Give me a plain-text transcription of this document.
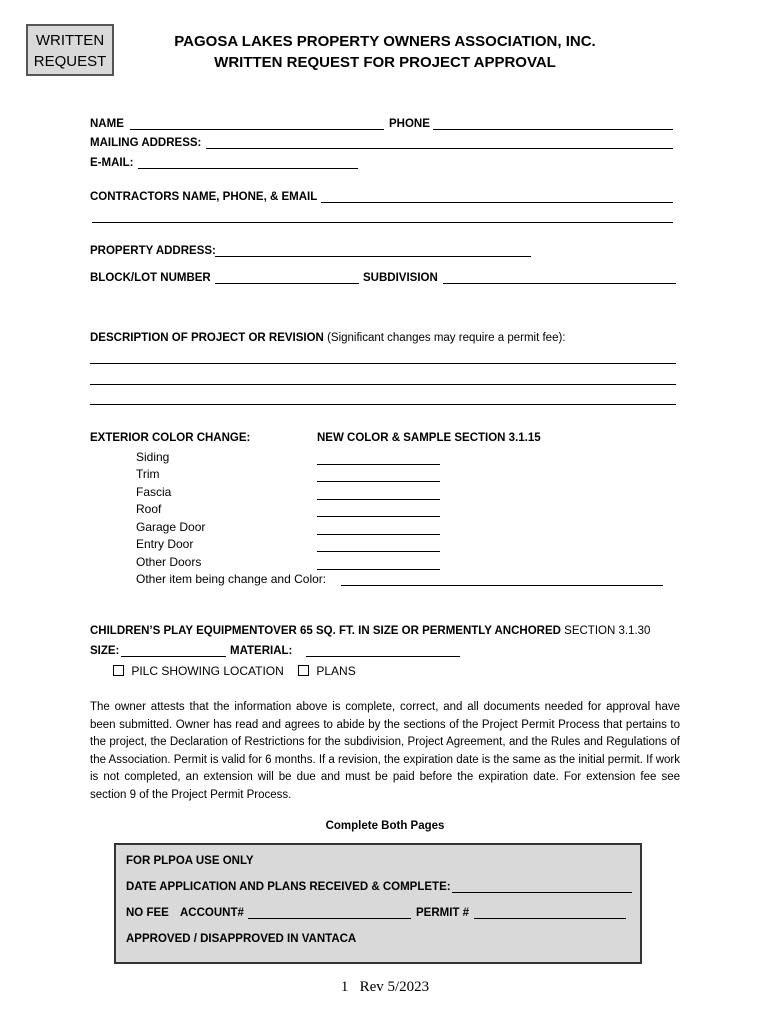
WRITTEN
REQUEST
PAGOSA LAKES PROPERTY OWNERS ASSOCIATION, INC.
WRITTEN REQUEST FOR PROJECT APPROVAL
NAME	PHONE
MAILING ADDRESS:
E-MAIL:
CONTRACTORS NAME, PHONE, & EMAIL
PROPERTY ADDRESS:
BLOCK/LOT NUMBER	SUBDIVISION
DESCRIPTION OF PROJECT OR REVISION (Significant changes may require a permit fee):
EXTERIOR COLOR CHANGE:	NEW COLOR & SAMPLE SECTION 3.1.15
Siding
Trim
Fascia
Roof
Garage Door
Entry Door
Other Doors
Other item being change and Color:
CHILDREN’S PLAY EQUIPMENTOVER 65 SQ. FT. IN SIZE OR PERMENTLY ANCHORED SECTION 3.1.30
SIZE:	MATERIAL:
PILC SHOWING LOCATION	PLANS

The owner attests that the information above is complete, correct, and all documents needed for approval have been submitted. Owner has read and agrees to abide by the sections of the Project Permit Process that pertains to the project, the Declaration of Restrictions for the subdivision, Project Agreement, and the Rules and Regulations of the Association. Permit is valid for 6 months. If a revision, the expiration date is the same as the initial permit. If work is not completed, an extension will be due and must be paid before the expiration date. For extension fee see section 9 of the Project Permit Process.

Complete Both Pages
FOR PLPOA USE ONLY
DATE APPLICATION AND PLANS RECEIVED & COMPLETE:
NO FEE ACCOUNT#	PERMIT #
APPROVED / DISAPPROVED IN VANTACA
1 Rev 5/2023
